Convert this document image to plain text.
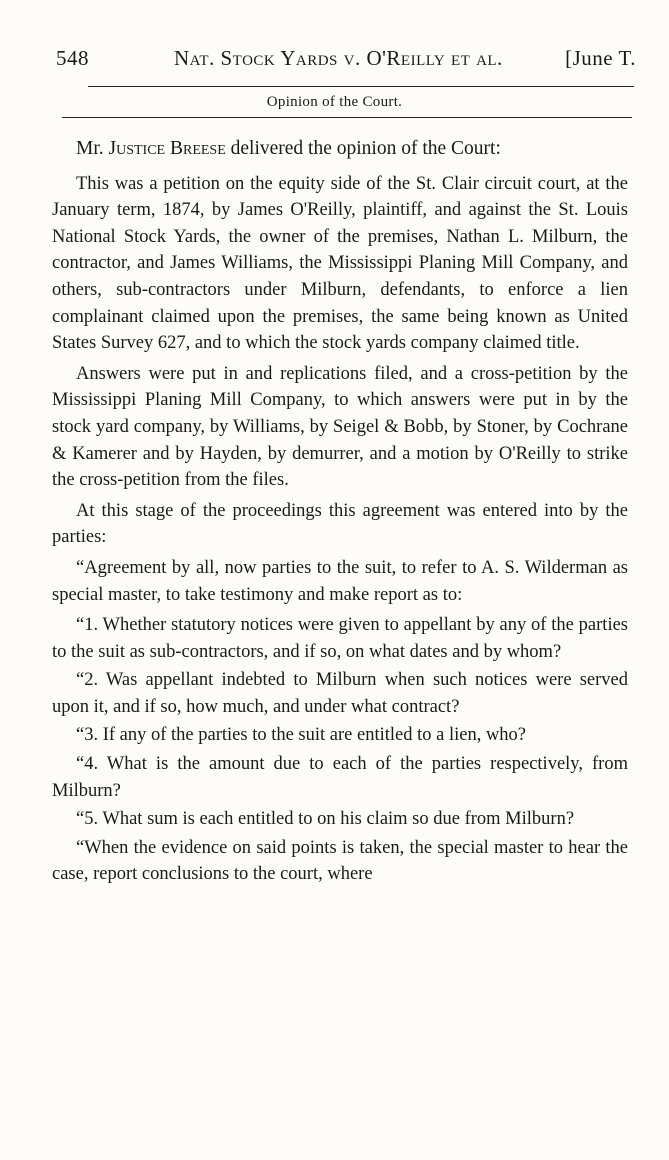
548	Nat. Stock Yards v. O'Reilly et al.	[June T.
Opinion of the Court.

Mr. Justice Breese delivered the opinion of the Court:

This was a petition on the equity side of the St. Clair circuit court, at the January term, 1874, by James O'Reilly, plaintiff, and against the St. Louis National Stock Yards, the owner of the premises, Nathan L. Milburn, the contractor, and James Williams, the Mississippi Planing Mill Company, and others, sub-contractors under Milburn, defendants, to enforce a lien complainant claimed upon the premises, the same being known as United States Survey 627, and to which the stock yards company claimed title.

Answers were put in and replications filed, and a cross-petition by the Mississippi Planing Mill Company, to which answers were put in by the stock yard company, by Williams, by Seigel & Bobb, by Stoner, by Cochrane & Kamerer and by Hayden, by demurrer, and a motion by O'Reilly to strike the cross-petition from the files.

At this stage of the proceedings this agreement was entered into by the parties:

“Agreement by all, now parties to the suit, to refer to A. S. Wilderman as special master, to take testimony and make report as to:

“1. Whether statutory notices were given to appellant by any of the parties to the suit as sub-contractors, and if so, on what dates and by whom?

“2. Was appellant indebted to Milburn when such notices were served upon it, and if so, how much, and under what contract?

“3. If any of the parties to the suit are entitled to a lien, who?

“4. What is the amount due to each of the parties respectively, from Milburn?

“5. What sum is each entitled to on his claim so due from Milburn?

“When the evidence on said points is taken, the special master to hear the case, report conclusions to the court, where
